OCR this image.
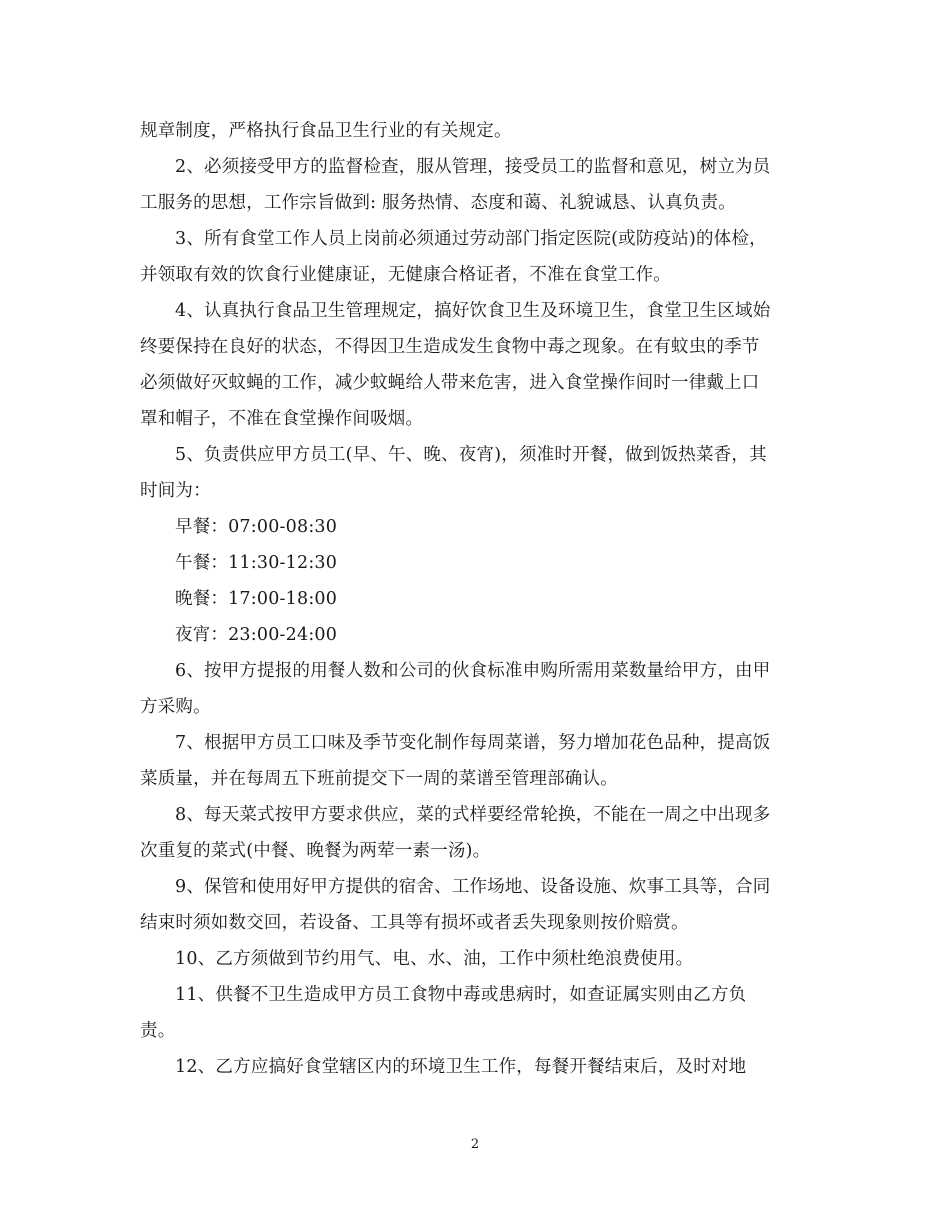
规章制度，严格执行食品卫生行业的有关规定。
2、必须接受甲方的监督检查，服从管理，接受员工的监督和意见，树立为员
工服务的思想，工作宗旨做到: 服务热情、态度和蔼、礼貌诚恳、认真负责。
3、所有食堂工作人员上岗前必须通过劳动部门指定医院(或防疫站)的体检，
并领取有效的饮食行业健康证，无健康合格证者，不准在食堂工作。
4、认真执行食品卫生管理规定，搞好饮食卫生及环境卫生，食堂卫生区域始
终要保持在良好的状态，不得因卫生造成发生食物中毒之现象。在有蚊虫的季节
必须做好灭蚊蝇的工作，减少蚊蝇给人带来危害，进入食堂操作间时一律戴上口
罩和帽子，不准在食堂操作间吸烟。
5、负责供应甲方员工(早、午、晚、夜宵)，须准时开餐，做到饭热菜香，其
时间为：
早餐：07:00-08:30
午餐：11:30-12:30
晚餐：17:00-18:00
夜宵：23:00-24:00
6、按甲方提报的用餐人数和公司的伙食标准申购所需用菜数量给甲方，由甲
方采购。
7、根据甲方员工口味及季节变化制作每周菜谱，努力增加花色品种，提高饭
菜质量，并在每周五下班前提交下一周的菜谱至管理部确认。
8、每天菜式按甲方要求供应，菜的式样要经常轮换，不能在一周之中出现多
次重复的菜式(中餐、晚餐为两荤一素一汤)。
9、保管和使用好甲方提供的宿舍、工作场地、设备设施、炊事工具等，合同
结束时须如数交回，若设备、工具等有损坏或者丢失现象则按价赔赏。
10、乙方须做到节约用气、电、水、油，工作中须杜绝浪费使用。
11、供餐不卫生造成甲方员工食物中毒或患病时，如查证属实则由乙方负
责。
12、乙方应搞好食堂辖区内的环境卫生工作，每餐开餐结束后，及时对地

2
